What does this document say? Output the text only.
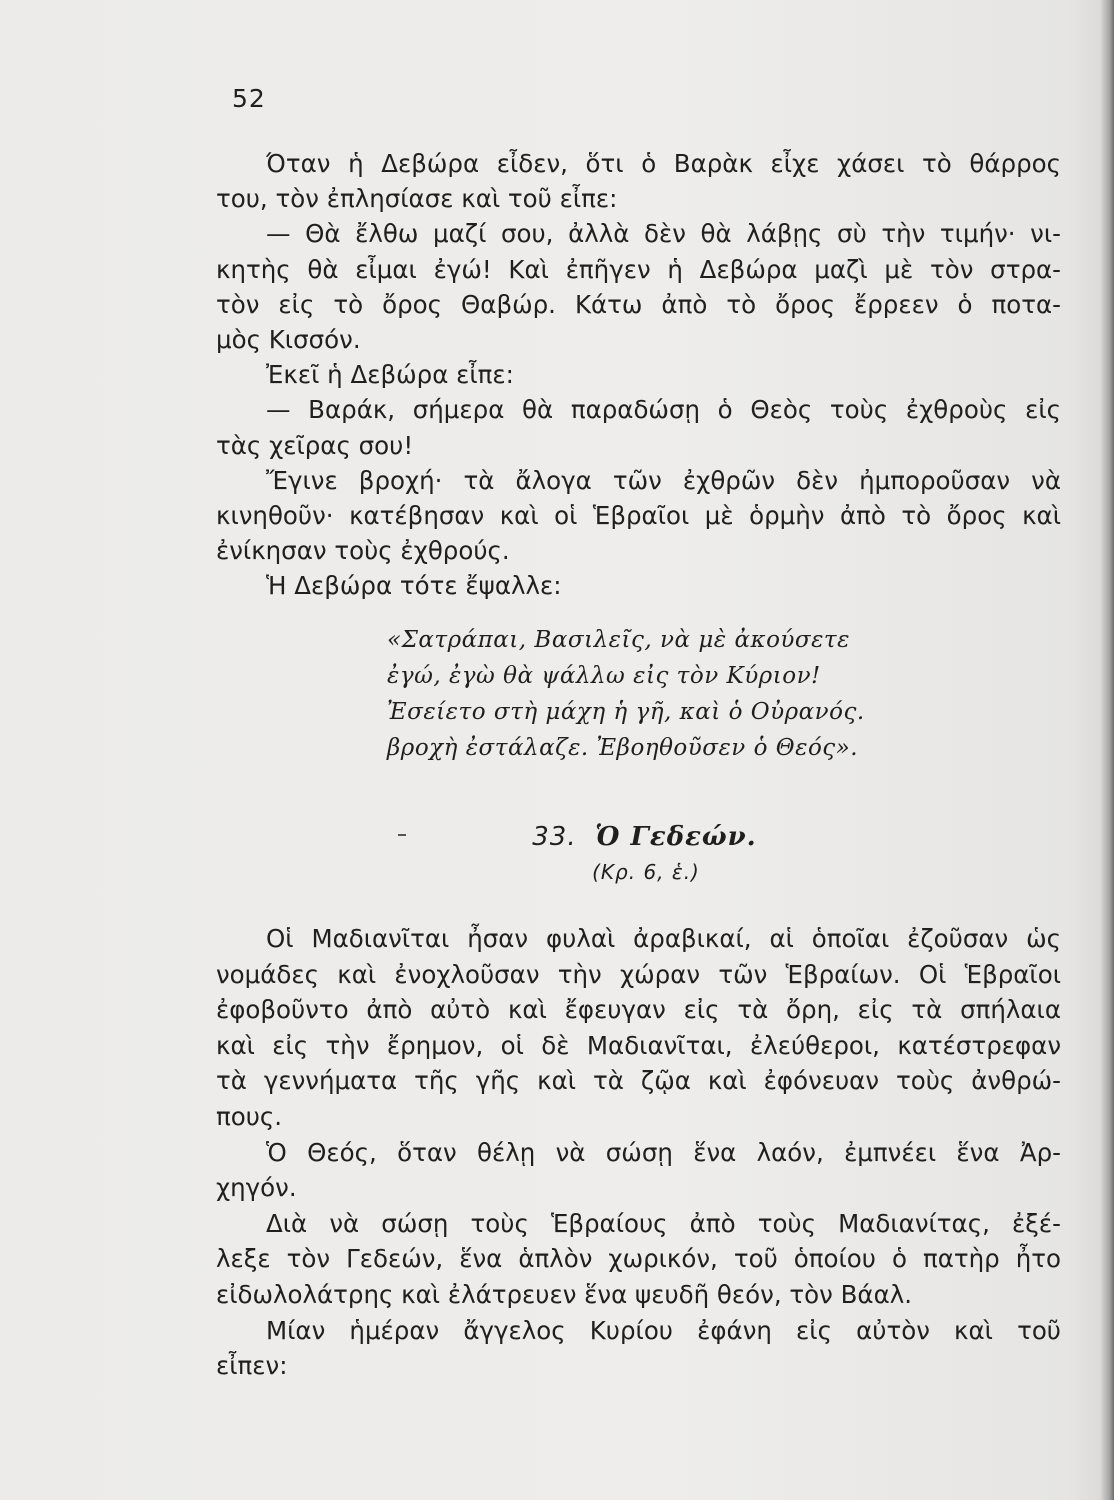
52
Όταν ἡ Δεβώρα εἶδεν, ὅτι ὁ Βαρὰκ εἶχε χάσει τὸ θάρρος
του, τὸν ἐπλησίασε καὶ τοῦ εἶπε:
— Θὰ ἔλθω μαζί σου, ἀλλὰ δὲν θὰ λάβῃς σὺ τὴν τιμήν· νι-
κητὴς θὰ εἶμαι ἐγώ! Καὶ ἐπῆγεν ἡ Δεβώρα μαζὶ μὲ τὸν στρα-
τὸν εἰς τὸ ὄρος Θαβώρ. Κάτω ἀπὸ τὸ ὄρος ἔρρεεν ὁ ποτα-
μὸς Κισσόν.
Ἐκεῖ ἡ Δεβώρα εἶπε:
— Βαράκ, σήμερα θὰ παραδώσῃ ὁ Θεὸς τοὺς ἐχθροὺς εἰς
τὰς χεῖρας σου!
Ἔγινε βροχή· τὰ ἄλογα τῶν ἐχθρῶν δὲν ἠμποροῦσαν νὰ
κινηθοῦν· κατέβησαν καὶ οἱ Ἑβραῖοι μὲ ὁρμὴν ἀπὸ τὸ ὄρος καὶ
ἐνίκησαν τοὺς ἐχθρούς.
Ἡ Δεβώρα τότε ἔψαλλε:
«Σατράπαι, Βασιλεῖς, νὰ μὲ ἀκούσετε
ἐγώ, ἐγὼ θὰ ψάλλω εἰς τὸν Κύριον!
Ἐσείετο στὴ μάχη ἡ γῆ, καὶ ὁ Οὐρανός.
βροχὴ ἐστάλαζε. Ἐβοηθοῦσεν ὁ Θεός».
33. Ὁ Γεδεών.
(Κρ. 6, ἑ.)
Οἱ Μαδιανῖται ἦσαν φυλαὶ ἀραβικαί, αἱ ὁποῖαι ἐζοῦσαν ὡς
νομάδες καὶ ἐνοχλοῦσαν τὴν χώραν τῶν Ἑβραίων. Οἱ Ἑβραῖοι
ἐφοβοῦντο ἀπὸ αὐτὸ καὶ ἔφευγαν εἰς τὰ ὄρη, εἰς τὰ σπήλαια
καὶ εἰς τὴν ἔρημον, οἱ δὲ Μαδιανῖται, ἐλεύθεροι, κατέστρεφαν
τὰ γεννήματα τῆς γῆς καὶ τὰ ζῷα καὶ ἐφόνευαν τοὺς ἀνθρώ-
πους.
Ὁ Θεός, ὅταν θέλῃ νὰ σώσῃ ἕνα λαόν, ἐμπνέει ἕνα Ἀρ-
χηγόν.
Διὰ νὰ σώσῃ τοὺς Ἑβραίους ἀπὸ τοὺς Μαδιανίτας, ἐξέ-
λεξε τὸν Γεδεών, ἕνα ἁπλὸν χωρικόν, τοῦ ὁποίου ὁ πατὴρ ἦτο
εἰδωλολάτρης καὶ ἐλάτρευεν ἕνα ψευδῆ θεόν, τὸν Βάαλ.
Μίαν ἡμέραν ἄγγελος Κυρίου ἐφάνη εἰς αὐτὸν καὶ τοῦ
εἶπεν:
